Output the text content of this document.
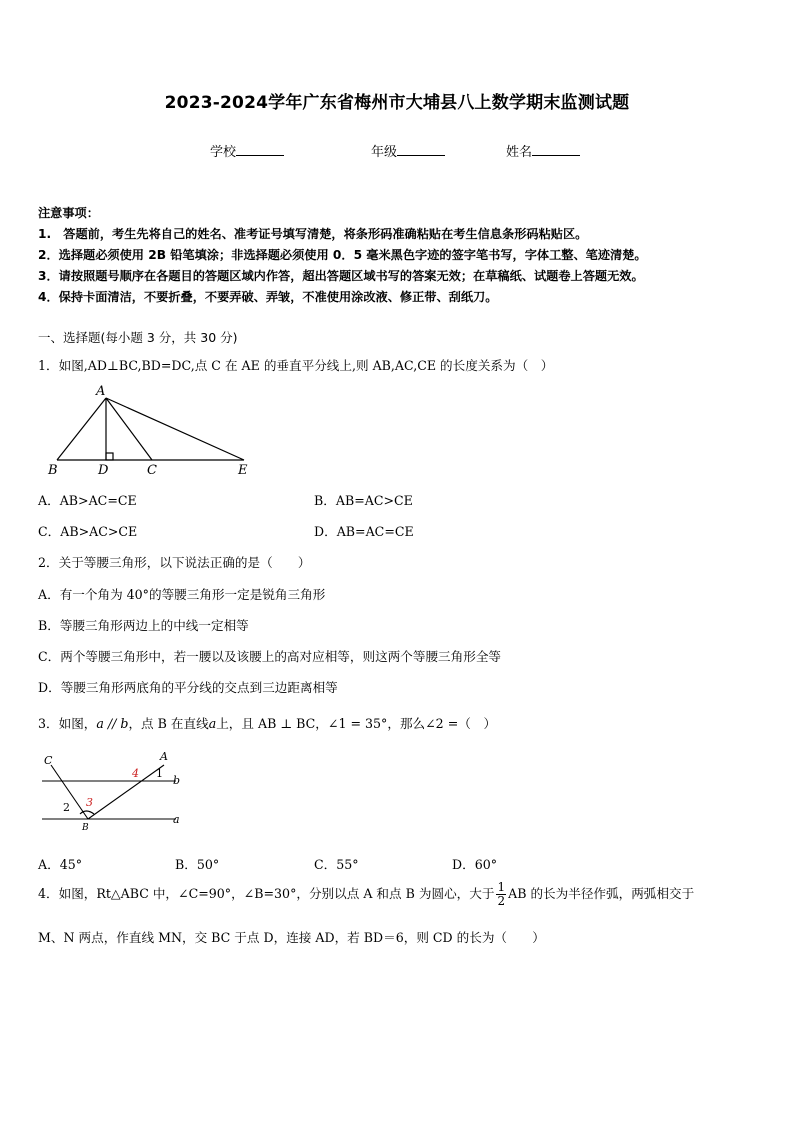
2023-2024学年广东省梅州市大埔县八上数学期末监测试题
学校	年级	姓名
注意事项：
1.　答题前，考生先将自己的姓名、准考证号填写清楚，将条形码准确粘贴在考生信息条形码粘贴区。
2．选择题必须使用 2B 铅笔填涂；非选择题必须使用 0．5 毫米黑色字迹的签字笔书写，字体工整、笔迹清楚。
3．请按照题号顺序在各题目的答题区域内作答，超出答题区域书写的答案无效；在草稿纸、试题卷上答题无效。
4．保持卡面清洁，不要折叠，不要弄破、弄皱，不准使用涂改液、修正带、刮纸刀。
一、选择题(每小题 3 分，共 30 分)
1．如图,AD⊥BC,BD=DC,点 C 在 AE 的垂直平分线上,则 AB,AC,CE 的长度关系为（　）
A
B	D	C	E
A．AB>AC=CE	B．AB=AC>CE
C．AB>AC>CE	D．AB=AC=CE
2．关于等腰三角形，以下说法正确的是（　　）
A．有一个角为 40°的等腰三角形一定是锐角三角形
B．等腰三角形两边上的中线一定相等
C．两个等腰三角形中，若一腰以及该腰上的高对应相等，则这两个等腰三角形全等
D．等腰三角形两底角的平分线的交点到三边距离相等
3．如图，a // b，点 B 在直线a上，且 AB ⊥ BC，∠1 = 35°，那么∠2 =（　）
C	A
b
a
B
1
2 3
4
A．45°	B．50°	C．55°	D．60°
4．如图，Rt△ABC 中，∠C=90°，∠B=30°，分别以点 A 和点 B 为圆心，大于 $\frac{1}{2}$ AB 的长为半径作弧，两弧相交于
M、N 两点，作直线 MN，交 BC 于点 D，连接 AD，若 BD＝6，则 CD 的长为（　　）
